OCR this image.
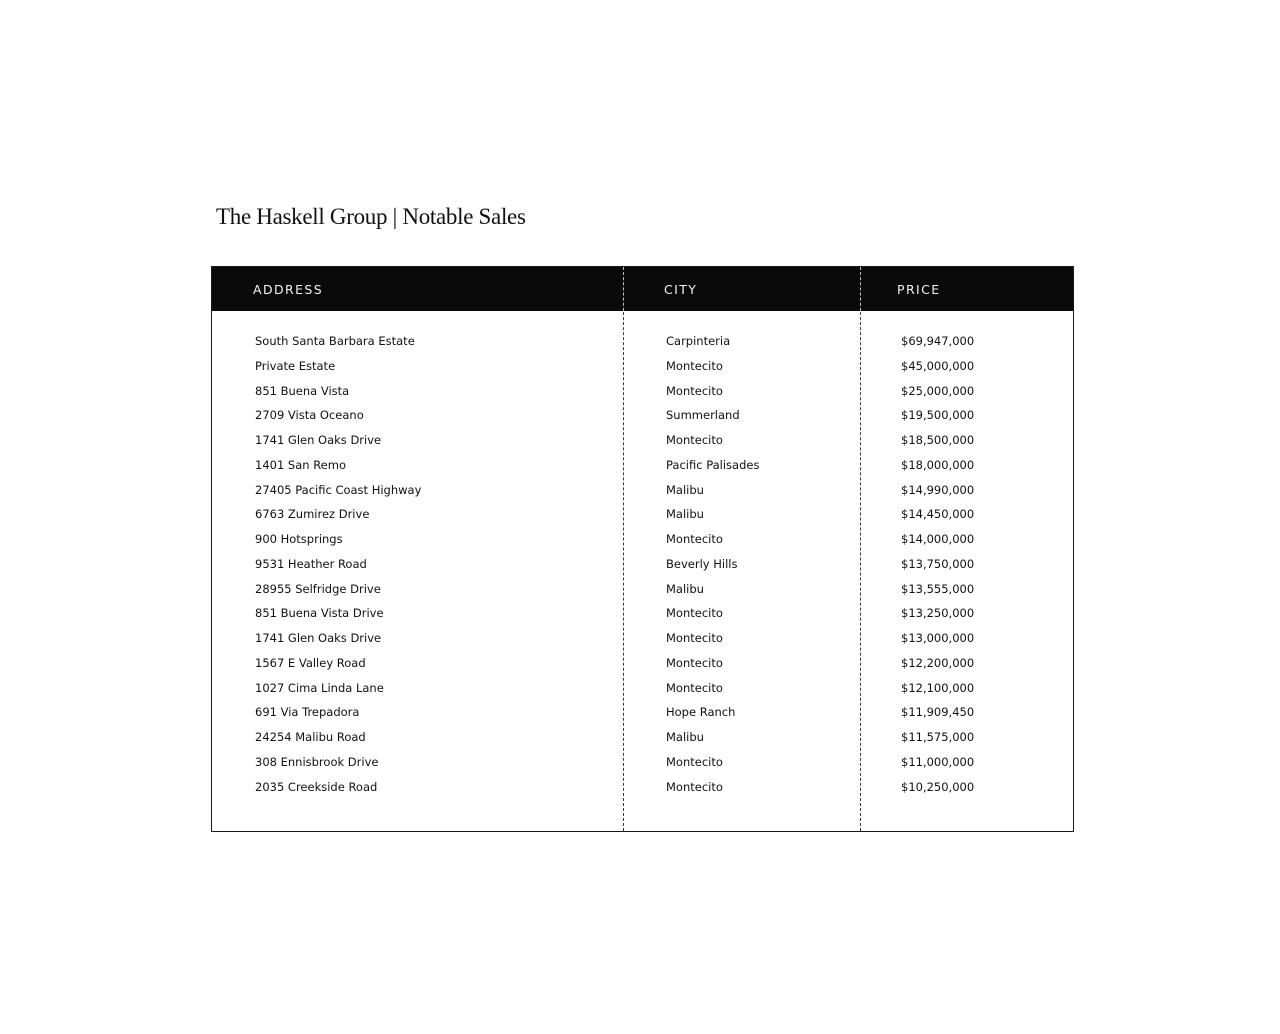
The Haskell Group | Notable Sales
ADDRESS	CITY	PRICE
South Santa Barbara Estate	Carpinteria	$69,947,000
Private Estate	Montecito	$45,000,000
851 Buena Vista	Montecito	$25,000,000
2709 Vista Oceano	Summerland	$19,500,000
1741 Glen Oaks Drive	Montecito	$18,500,000
1401 San Remo	Pacific Palisades	$18,000,000
27405 Pacific Coast Highway	Malibu	$14,990,000
6763 Zumirez Drive	Malibu	$14,450,000
900 Hotsprings	Montecito	$14,000,000
9531 Heather Road	Beverly Hills	$13,750,000
28955 Selfridge Drive	Malibu	$13,555,000
851 Buena Vista Drive	Montecito	$13,250,000
1741 Glen Oaks Drive	Montecito	$13,000,000
1567 E Valley Road	Montecito	$12,200,000
1027 Cima Linda Lane	Montecito	$12,100,000
691 Via Trepadora	Hope Ranch	$11,909,450
24254 Malibu Road	Malibu	$11,575,000
308 Ennisbrook Drive	Montecito	$11,000,000
2035 Creekside Road	Montecito	$10,250,000
